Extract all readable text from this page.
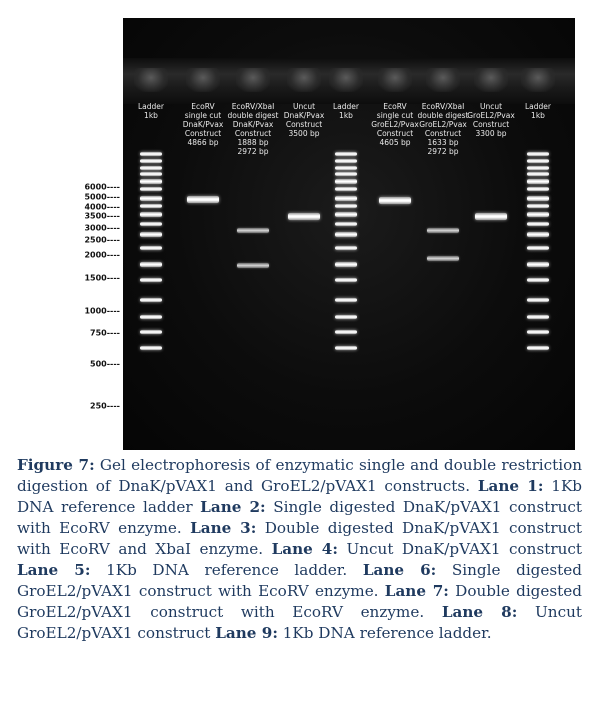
Ladder
1kb
EcoRV
single cut
DnaK/Pvax
Construct
4866 bp
EcoRV/XbaI
double digest
DnaK/Pvax
Construct
1888 bp
2972 bp
Uncut
DnaK/Pvax
Construct
3500 bp
Ladder
1kb
EcoRV
single cut
GroEL2/Pvax
Construct
4605 bp
EcoRV/XbaI
double digest
GroEL2/Pvax
Construct
1633 bp
2972 bp
Uncut
GroEL2/Pvax
Construct
3300 bp
Ladder
1kb
6000----
5000----
4000----
3500----
3000----
2500----
2000----
1500----
1000----
750----
500----
250----
Figure 7: Gel electrophoresis of enzymatic single and double restriction digestion of DnaK/pVAX1 and GroEL2/pVAX1 constructs. Lane 1: 1Kb DNA reference ladder Lane 2: Single digested DnaK/pVAX1 construct with EcoRV enzyme. Lane 3: Double digested DnaK/pVAX1 construct with EcoRV and XbaI enzyme. Lane 4: Uncut DnaK/pVAX1 construct Lane 5: 1Kb DNA reference ladder. Lane 6: Single digested GroEL2/pVAX1 construct with EcoRV enzyme. Lane 7: Double digested GroEL2/pVAX1 construct with EcoRV enzyme. Lane 8: Uncut GroEL2/pVAX1 construct Lane 9: 1Kb DNA reference ladder.
